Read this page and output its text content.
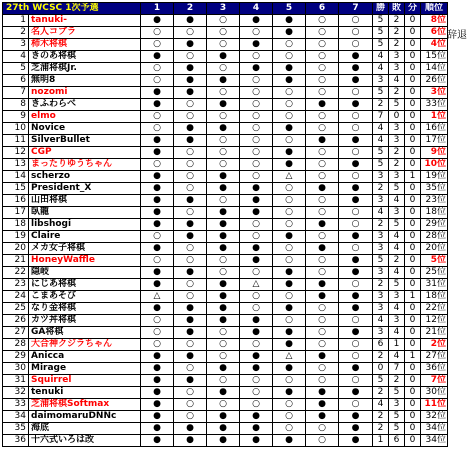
27th WCSC 1次予選		1	2	3	4	5	6	7	勝	敗	分	順位
1	tanuki-	●	●	○	●	●	○	○	5	2	0	8位
2	名人コブラ	○	○	○	○	●	○	○	5	2	0	6位
3	柿木将棋	○	●	○	●	○	○	○	5	2	0	4位
4	きのあ将棋	●	○	●	○	○	○	●	4	3	0	15位
5	芝浦将棋Jr.	○	●	○	●	●	○	●	4	3	0	14位
6	無明8	○	●	●	○	●	○	●	3	4	0	26位
7	nozomi	●	●	○	○	○	○	○	5	2	0	3位
8	きふわらべ	●	○	●	○	○	●	●	2	5	0	33位
9	elmo	○	○	○	○	○	○	○	7	0	0	1位
10	Novice	○	●	●	○	●	○	○	4	3	0	16位
11	SilverBullet	●	●	○	○	○	●	●	4	3	0	17位
12	CGP	●	○	○	○	●	○	○	5	2	0	9位
13	まったりゆうちゃん	○	○	○	○	●	○	●	5	2	0	10位
14	scherzo	●	○	●	○	△	○	○	3	3	1	19位
15	President_X	●	○	●	●	○	●	●	2	5	0	35位
16	山田将棋	●	●	○	●	○	○	●	3	4	0	23位
17	臥龍	●	○	●	●	○	○	○	4	3	0	18位
18	libshogi	●	●	●	○	○	●	○	2	5	0	29位
19	Claire	○	●	●	○	●	○	●	3	4	0	28位
20	メカ女子将棋	●	○	●	●	○	●	○	3	4	0	20位
21	HoneyWaffle	○	○	○	●	○	○	●	5	2	0	5位
22	隠岐	●	●	○	○	●	○	●	3	4	0	25位
23	にじあ将棋	●	○	●	△	●	●	○	2	5	0	31位
24	こまあそび	△	○	●	○	○	●	●	3	3	1	18位
25	なり金将棋	●	●	●	○	●	○	●	3	4	0	22位
26	カツ丼将棋	○	●	●	●	○	○	○	4	3	0	12位
27	GA将棋	○	●	○	●	●	○	●	3	4	0	21位
28	大合神クジラちゃん	○	○	○	○	●	○	○	6	1	0	2位
29	Anicca	●	●	○	●	△	●	○	2	4	1	27位
30	Mirage	●	○	●	●	●	○	●	0	7	0	36位
31	Squirrel	●	●	○	○	○	○	○	5	2	0	7位
32	tenuki	●	○	●	○	●	●	●	2	5	0	30位
33	芝浦将棋Softmax	●	○	○	○	○	●	○	4	3	0	11位
34	daimomaruDNNc	●	○	●	●	○	●	●	2	5	0	32位
35	海底	●	●	●	●	○	○	●	2	5	0	34位
36	十六式いろは改	●	●	●	●	●	○	●	1	6	0	34位
辞退
